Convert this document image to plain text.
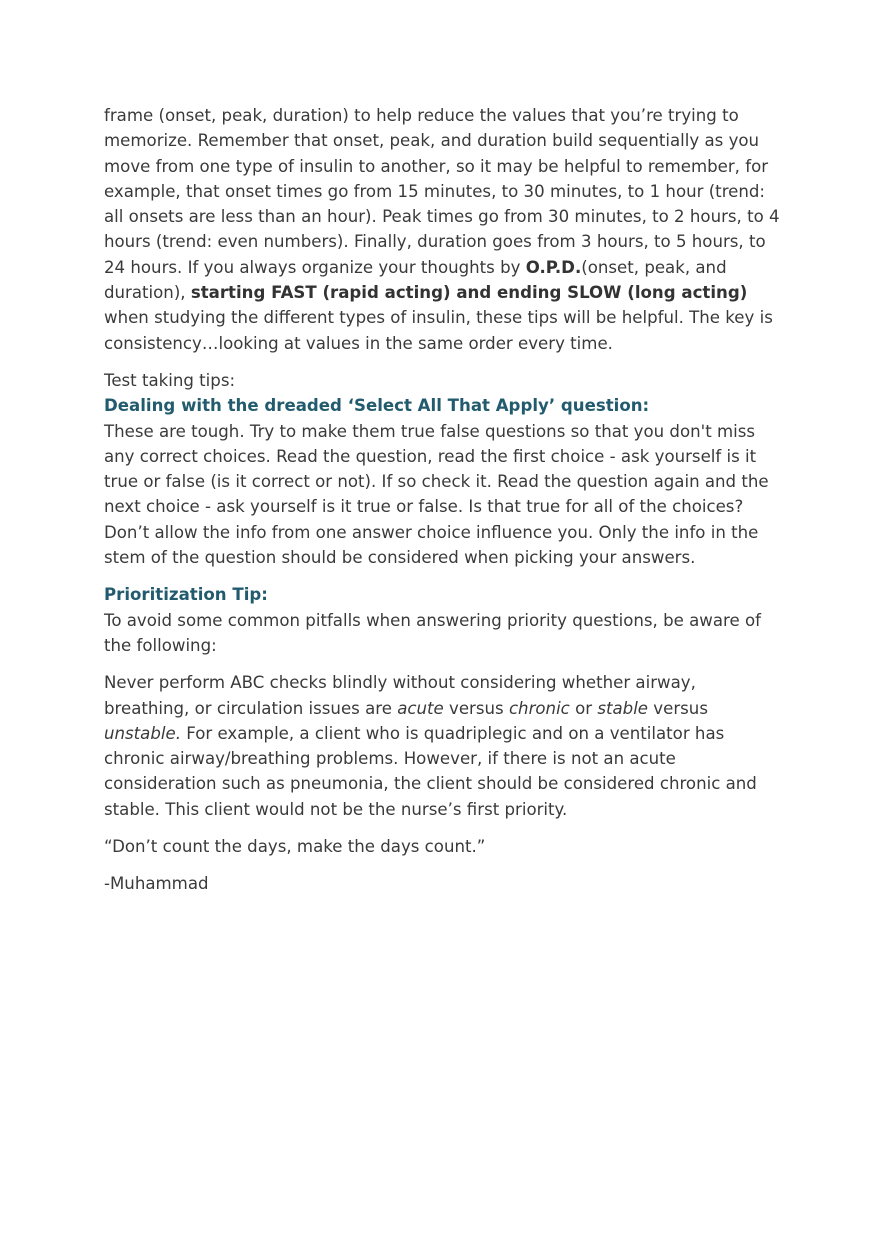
frame (onset, peak, duration) to help reduce the values that you’re trying to memorize. Remember that onset, peak, and duration build sequentially as you move from one type of insulin to another, so it may be helpful to remember, for example, that onset times go from 15 minutes, to 30 minutes, to 1 hour (trend: all onsets are less than an hour). Peak times go from 30 minutes, to 2 hours, to 4 hours (trend: even numbers). Finally, duration goes from 3 hours, to 5 hours, to 24 hours. If you always organize your thoughts by O.P.D.(onset, peak, and duration), starting FAST (rapid acting) and ending SLOW (long acting) when studying the different types of insulin, these tips will be helpful. The key is consistency…looking at values in the same order every time.

Test taking tips:

Dealing with the dreaded ‘Select All That Apply’ question:

These are tough. Try to make them true false questions so that you don't miss any correct choices. Read the question, read the first choice - ask yourself is it true or false (is it correct or not). If so check it. Read the question again and the next choice - ask yourself is it true or false. Is that true for all of the choices? Don’t allow the info from one answer choice influence you. Only the info in the stem of the question should be considered when picking your answers.

Prioritization Tip:

To avoid some common pitfalls when answering priority questions, be aware of the following:

Never perform ABC checks blindly without considering whether airway, breathing, or circulation issues are acute versus chronic or stable versus unstable. For example, a client who is quadriplegic and on a ventilator has chronic airway/breathing problems. However, if there is not an acute consideration such as pneumonia, the client should be considered chronic and stable. This client would not be the nurse’s first priority.

“Don’t count the days, make the days count.”

-Muhammad
